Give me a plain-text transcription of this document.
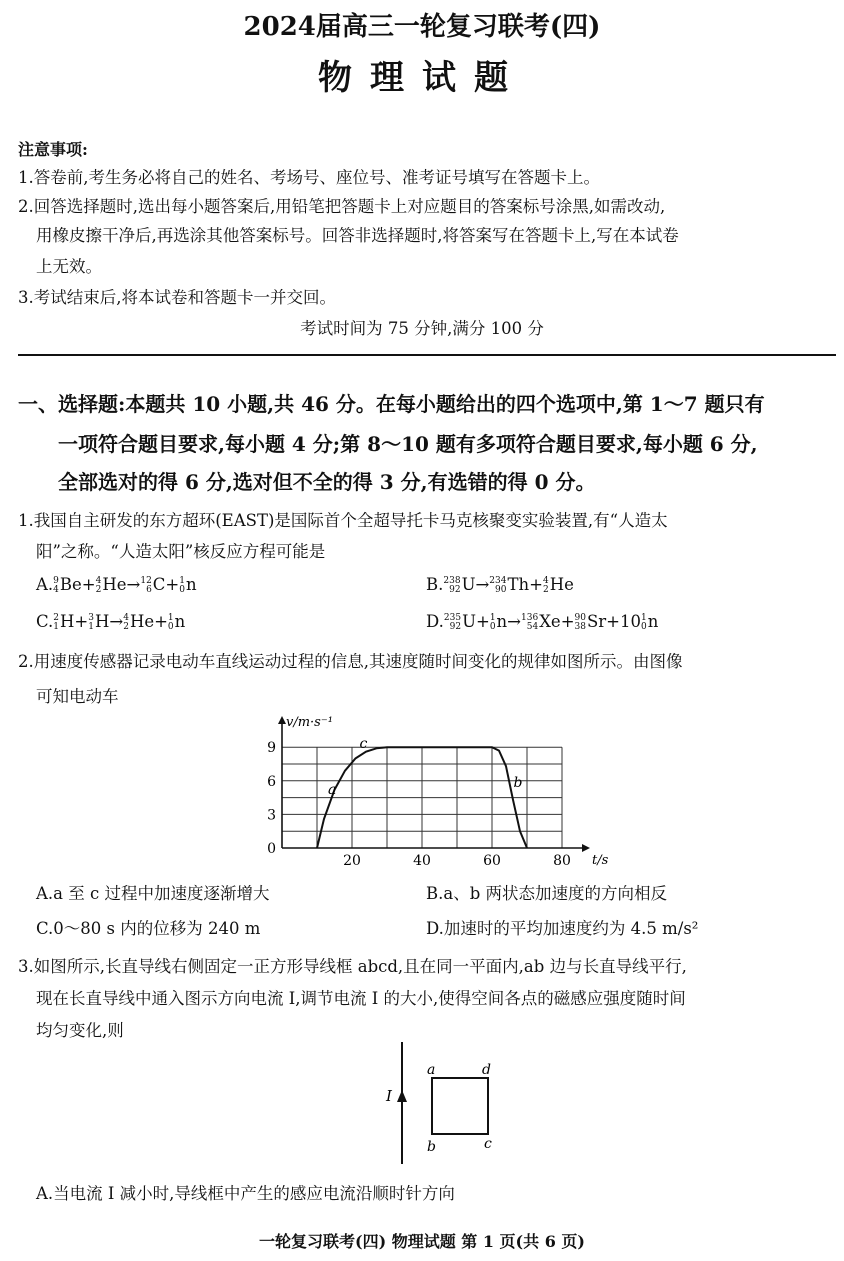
2024届高三一轮复习联考(四)
物理试题
注意事项:
1.答卷前,考生务必将自己的姓名、考场号、座位号、准考证号填写在答题卡上。
2.回答选择题时,选出每小题答案后,用铅笔把答题卡上对应题目的答案标号涂黑,如需改动,
用橡皮擦干净后,再选涂其他答案标号。回答非选择题时,将答案写在答题卡上,写在本试卷
上无效。
3.考试结束后,将本试卷和答题卡一并交回。
考试时间为 75 分钟,满分 100 分
一、选择题:本题共 10 小题,共 46 分。在每小题给出的四个选项中,第 1～7 题只有
一项符合题目要求,每小题 4 分;第 8～10 题有多项符合题目要求,每小题 6 分,
全部选对的得 6 分,选对但不全的得 3 分,有选错的得 0 分。
1.我国自主研发的东方超环(EAST)是国际首个全超导托卡马克核聚变实验装置,有“人造太
阳”之称。“人造太阳”核反应方程可能是
A.9
4Be+4
2He→12
6C+1
0n	B.238
92U→234
90Th+4
2He
C.2
1H+3
1H→4
2He+1
0n	D.235
92U+1
0n→136
54Xe+90
38Sr+101
0n
2.用速度传感器记录电动车直线运动过程的信息,其速度随时间变化的规律如图所示。由图像
可知电动车
v/m·s⁻¹
t/s
20	40	60	80
0
3
6
9
a
c
b
A.a 至 c 过程中加速度逐渐增大	B.a、b 两状态加速度的方向相反
C.0～80 s 内的位移为 240 m	D.加速时的平均加速度约为 4.5 m/s²
3.如图所示,长直导线右侧固定一正方形导线框 abcd,且在同一平面内,ab 边与长直导线平行,
现在长直导线中通入图示方向电流 I,调节电流 I 的大小,使得空间各点的磁感应强度随时间
均匀变化,则
I
a	d
b	c
A.当电流 I 减小时,导线框中产生的感应电流沿顺时针方向
一轮复习联考(四) 物理试题 第 1 页(共 6 页)
